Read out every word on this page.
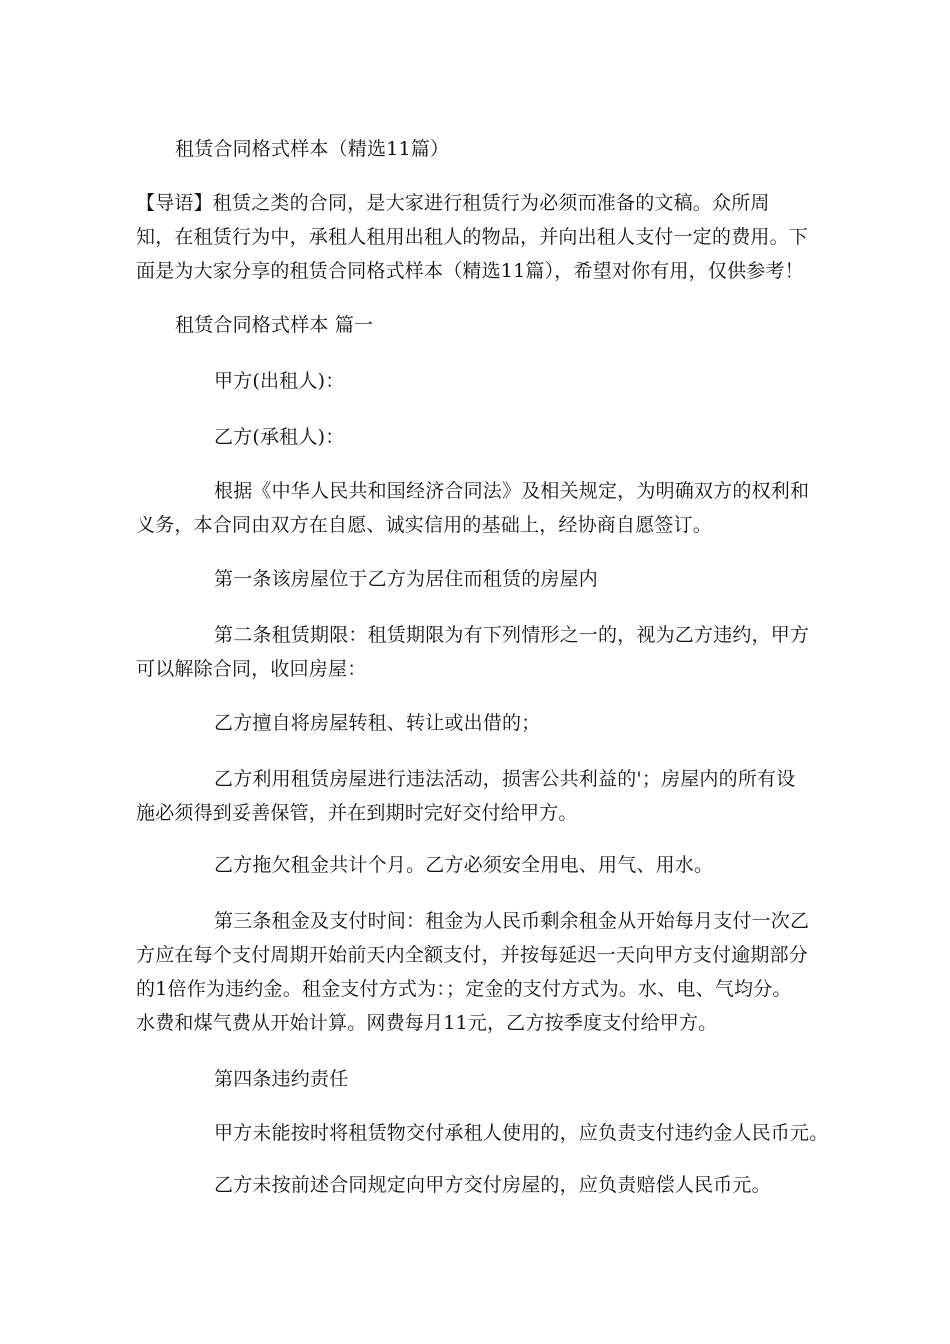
租赁合同格式样本（精选11篇）
【导语】租赁之类的合同，是大家进行租赁行为必须而准备的文稿。众所周
知，在租赁行为中，承租人租用出租人的物品，并向出租人支付一定的费用。下
面是为大家分享的租赁合同格式样本（精选11篇），希望对你有用，仅供参考！
租赁合同格式样本 篇一
甲方(出租人)：
乙方(承租人)：
根据《中华人民共和国经济合同法》及相关规定，为明确双方的权利和
义务，本合同由双方在自愿、诚实信用的基础上，经协商自愿签订。
第一条该房屋位于乙方为居住而租赁的房屋内
第二条租赁期限：租赁期限为有下列情形之一的，视为乙方违约，甲方
可以解除合同，收回房屋：
乙方擅自将房屋转租、转让或出借的；
乙方利用租赁房屋进行违法活动，损害公共利益的'；房屋内的所有设
施必须得到妥善保管，并在到期时完好交付给甲方。
乙方拖欠租金共计个月。乙方必须安全用电、用气、用水。
第三条租金及支付时间：租金为人民币剩余租金从开始每月支付一次乙
方应在每个支付周期开始前天内全额支付，并按每延迟一天向甲方支付逾期部分
的1倍作为违约金。租金支付方式为：；定金的支付方式为。水、电、气均分。
水费和煤气费从开始计算。网费每月11元，乙方按季度支付给甲方。
第四条违约责任
甲方未能按时将租赁物交付承租人使用的，应负责支付违约金人民币元。
乙方未按前述合同规定向甲方交付房屋的，应负责赔偿人民币元。
